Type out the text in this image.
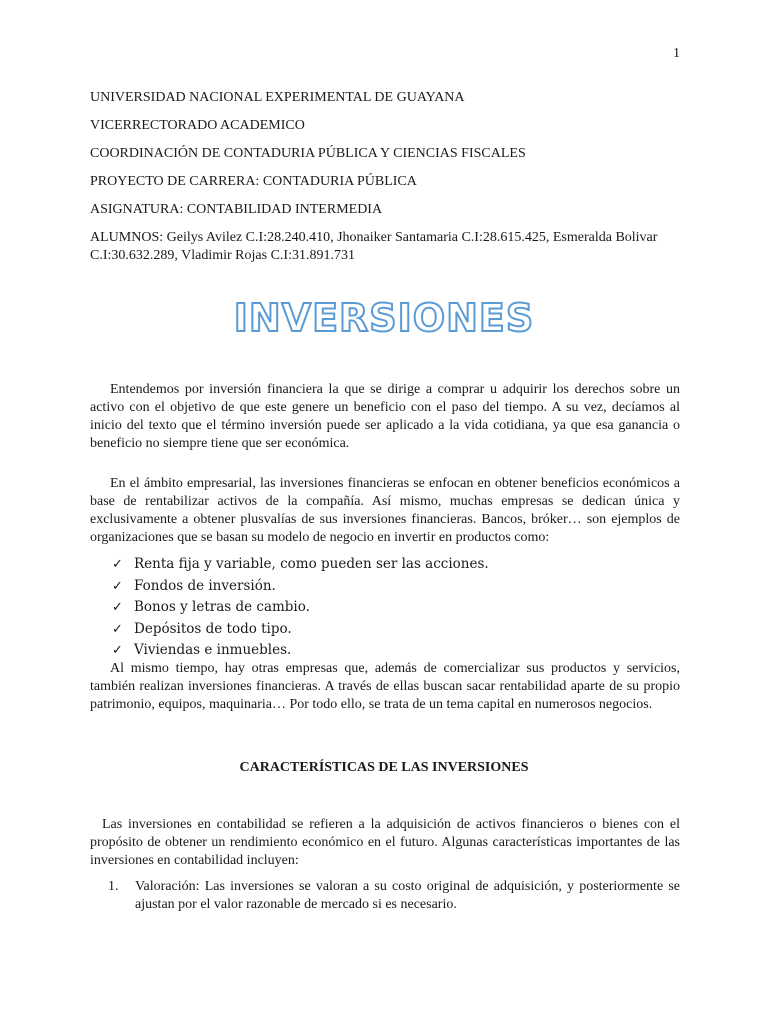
1

UNIVERSIDAD NACIONAL EXPERIMENTAL DE GUAYANA

VICERRECTORADO ACADEMICO

COORDINACIÓN DE CONTADURIA PÚBLICA Y CIENCIAS FISCALES

PROYECTO DE CARRERA: CONTADURIA PÚBLICA

ASIGNATURA: CONTABILIDAD INTERMEDIA

ALUMNOS: Geilys Avilez C.I:28.240.410, Jhonaiker Santamaria C.I:28.615.425, Esmeralda Bolivar
C.I:30.632.289, Vladimir Rojas C.I:31.891.731

INVERSIONES

Entendemos por inversión financiera la que se dirige a comprar u adquirir los derechos sobre un activo con el objetivo de que este genere un beneficio con el paso del tiempo. A su vez, decíamos al inicio del texto que el término inversión puede ser aplicado a la vida cotidiana, ya que esa ganancia o beneficio no siempre tiene que ser económica.

En el ámbito empresarial, las inversiones financieras se enfocan en obtener beneficios económicos a base de rentabilizar activos de la compañía. Así mismo, muchas empresas se dedican única y exclusivamente a obtener plusvalías de sus inversiones financieras. Bancos, bróker… son ejemplos de organizaciones que se basan su modelo de negocio en invertir en productos como:

✓ Renta fija y variable, como pueden ser las acciones.
✓ Fondos de inversión.
✓ Bonos y letras de cambio.
✓ Depósitos de todo tipo.
✓ Viviendas e inmuebles.

Al mismo tiempo, hay otras empresas que, además de comercializar sus productos y servicios, también realizan inversiones financieras. A través de ellas buscan sacar rentabilidad aparte de su propio patrimonio, equipos, maquinaria… Por todo ello, se trata de un tema capital en numerosos negocios.

CARACTERÍSTICAS DE LAS INVERSIONES

Las inversiones en contabilidad se refieren a la adquisición de activos financieros o bienes con el propósito de obtener un rendimiento económico en el futuro. Algunas características importantes de las inversiones en contabilidad incluyen:

1.	Valoración: Las inversiones se valoran a su costo original de adquisición, y posteriormente se ajustan por el valor razonable de mercado si es necesario.
